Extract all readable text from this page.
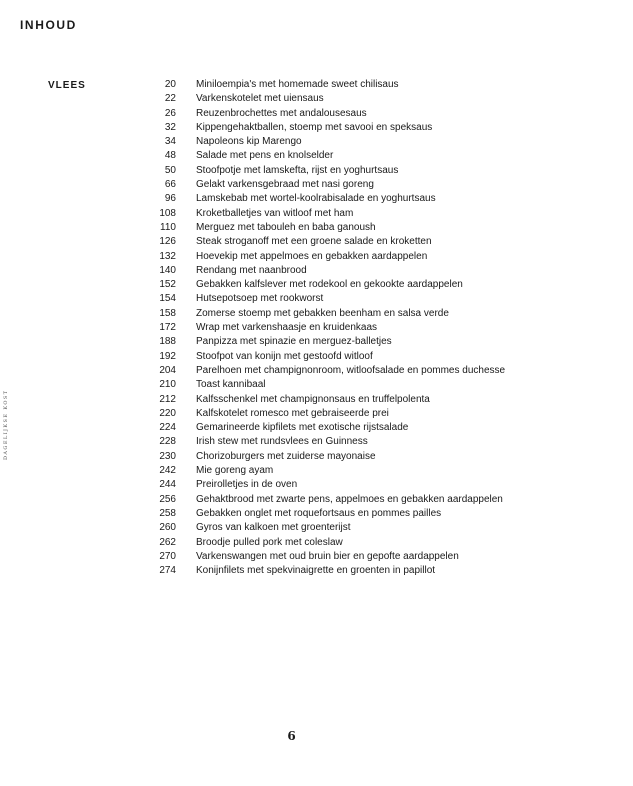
INHOUD
DAGELIJKSE KOST
VLEES	20 Miniloempia's met homemade sweet chilisaus
22 Varkenskotelet met uiensaus
26 Reuzenbrochettes met andalousesaus
32 Kippengehaktballen, stoemp met savooi en speksaus
34 Napoleons kip Marengo
48 Salade met pens en knolselder
50 Stoofpotje met lamskefta, rijst en yoghurtsaus
66 Gelakt varkensgebraad met nasi goreng
96 Lamskebab met wortel-koolrabisalade en yoghurtsaus
108 Kroketballetjes van witloof met ham
110 Merguez met tabouleh en baba ganoush
126 Steak stroganoff met een groene salade en kroketten
132 Hoevekip met appelmoes en gebakken aardappelen
140 Rendang met naanbrood
152 Gebakken kalfslever met rodekool en gekookte aardappelen
154 Hutsepotsoep met rookworst
158 Zomerse stoemp met gebakken beenham en salsa verde
172 Wrap met varkenshaasje en kruidenkaas
188 Panpizza met spinazie en merguez-balletjes
192 Stoofpot van konijn met gestoofd witloof
204 Parelhoen met champignonroom, witloofsalade en pommes duchesse
210 Toast kannibaal
212 Kalfsschenkel met champignonsaus en truffelpolenta
220 Kalfskotelet romesco met gebraiseerde prei
224 Gemarineerde kipfilets met exotische rijstsalade
228 Irish stew met rundsvlees en Guinness
230 Chorizoburgers met zuiderse mayonaise
242 Mie goreng ayam
244 Preirolletjes in de oven
256 Gehaktbrood met zwarte pens, appelmoes en gebakken aardappelen
258 Gebakken onglet met roquefortsaus en pommes pailles
260 Gyros van kalkoen met groenterijst
262 Broodje pulled pork met coleslaw
270 Varkenswangen met oud bruin bier en gepofte aardappelen
274 Konijnfilets met spekvinaigrette en groenten in papillot
6
